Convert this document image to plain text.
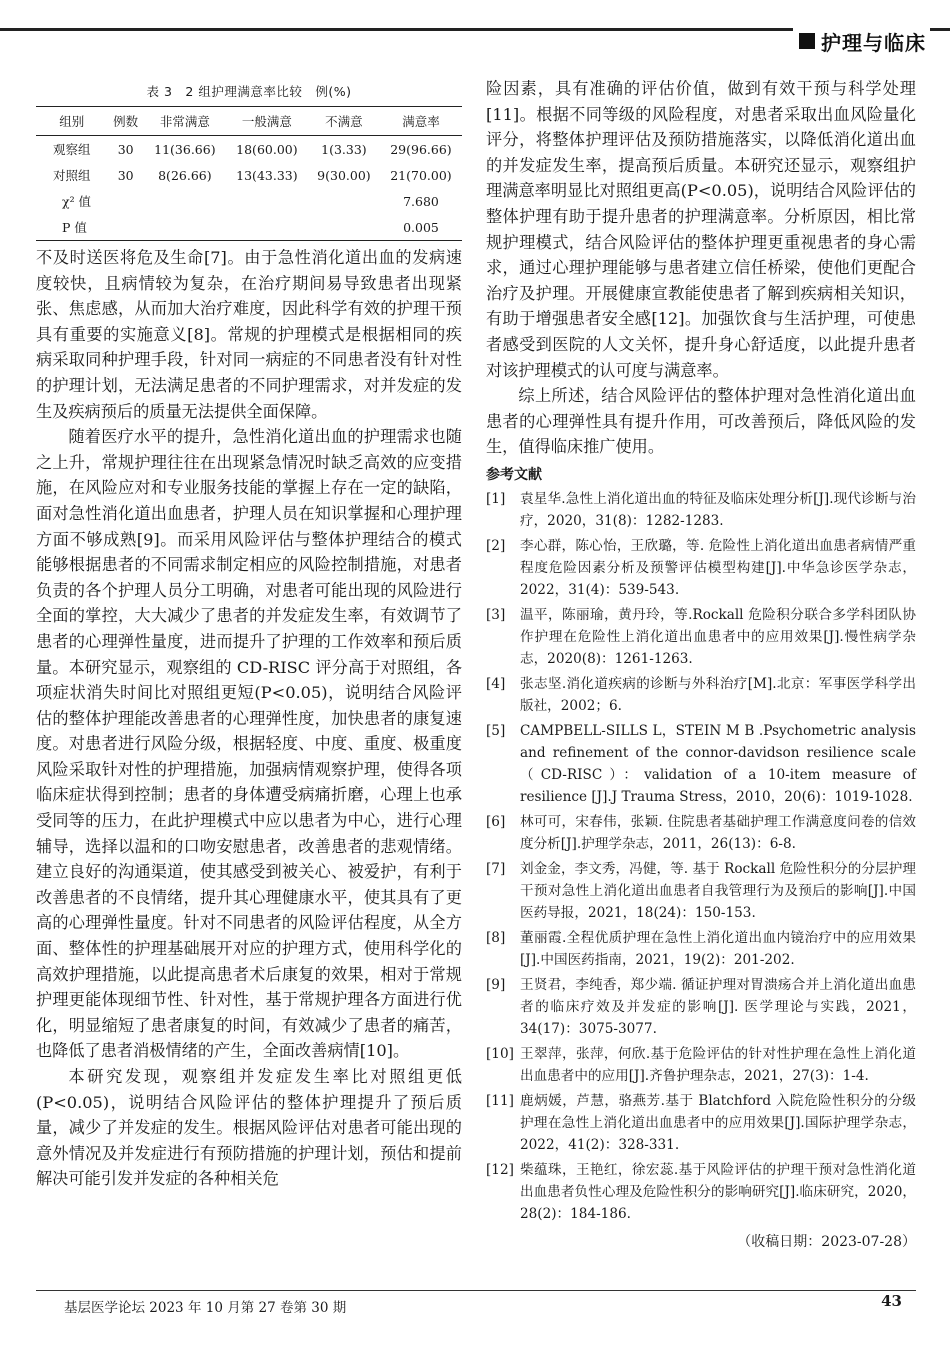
护理与临床
表 3　2 组护理满意率比较　例(%)
组别	例数	非常满意	一般满意	不满意	满意率
观察组	30	11(36.66)	18(60.00)	1(3.33)	29(96.66)
对照组	30	8(26.66)	13(43.33)	9(30.00)	21(70.00)
χ² 值					7.680
P 值					0.005

不及时送医将危及生命[7]。由于急性消化道出血的发病速度较快，且病情较为复杂，在治疗期间易导致患者出现紧张、焦虑感，从而加大治疗难度，因此科学有效的护理干预具有重要的实施意义[8]。常规的护理模式是根据相同的疾病采取同种护理手段，针对同一病症的不同患者没有针对性的护理计划，无法满足患者的不同护理需求，对并发症的发生及疾病预后的质量无法提供全面保障。

随着医疗水平的提升，急性消化道出血的护理需求也随之上升，常规护理往往在出现紧急情况时缺乏高效的应变措施，在风险应对和专业服务技能的掌握上存在一定的缺陷，面对急性消化道出血患者，护理人员在知识掌握和心理护理方面不够成熟[9]。而采用风险评估与整体护理结合的模式能够根据患者的不同需求制定相应的风险控制措施，对患者负责的各个护理人员分工明确，对患者可能出现的风险进行全面的掌控，大大减少了患者的并发症发生率，有效调节了患者的心理弹性量度，进而提升了护理的工作效率和预后质量。本研究显示，观察组的 CD-RISC 评分高于对照组，各项症状消失时间比对照组更短(P<0.05)，说明结合风险评估的整体护理能改善患者的心理弹性度，加快患者的康复速度。对患者进行风险分级，根据轻度、中度、重度、极重度风险采取针对性的护理措施，加强病情观察护理，使得各项临床症状得到控制；患者的身体遭受病痛折磨，心理上也承受同等的压力，在此护理模式中应以患者为中心，进行心理辅导，选择以温和的口吻安慰患者，改善患者的悲观情绪。建立良好的沟通渠道，使其感受到被关心、被爱护，有利于改善患者的不良情绪，提升其心理健康水平，使其具有了更高的心理弹性量度。针对不同患者的风险评估程度，从全方面、整体性的护理基础展开对应的护理方式，使用科学化的高效护理措施，以此提高患者术后康复的效果，相对于常规护理更能体现细节性、针对性，基于常规护理各方面进行优化，明显缩短了患者康复的时间，有效减少了患者的痛苦，也降低了患者消极情绪的产生，全面改善病情[10]。

本研究发现，观察组并发症发生率比对照组更低(P<0.05)，说明结合风险评估的整体护理提升了预后质量，减少了并发症的发生。根据风险评估对患者可能出现的意外情况及并发症进行有预防措施的护理计划，预估和提前解决可能引发并发症的各种相关危

险因素，具有准确的评估价值，做到有效干预与科学处理[11]。根据不同等级的风险程度，对患者采取出血风险量化评分，将整体护理评估及预防措施落实，以降低消化道出血的并发症发生率，提高预后质量。本研究还显示，观察组护理满意率明显比对照组更高(P<0.05)，说明结合风险评估的整体护理有助于提升患者的护理满意率。分析原因，相比常规护理模式，结合风险评估的整体护理更重视患者的身心需求，通过心理护理能够与患者建立信任桥梁，使他们更配合治疗及护理。开展健康宣教能使患者了解到疾病相关知识，有助于增强患者安全感[12]。加强饮食与生活护理，可使患者感受到医院的人文关怀，提升身心舒适度，以此提升患者对该护理模式的认可度与满意率。

综上所述，结合风险评估的整体护理对急性消化道出血患者的心理弹性具有提升作用，可改善预后，降低风险的发生，值得临床推广使用。

参考文献
[1]	袁星华.急性上消化道出血的特征及临床处理分析[J].现代诊断与治疗，2020，31(8)：1282-1283.
[2]	李心群，陈心怡，王欣璐，等. 危险性上消化道出血患者病情严重程度危险因素分析及预警评估模型构建[J].中华急诊医学杂志，2022，31(4)：539-543.
[3]	温平，陈丽瑜，黄丹玲，等.Rockall 危险积分联合多学科团队协作护理在危险性上消化道出血患者中的应用效果[J].慢性病学杂志，2020(8)：1261-1263.
[4]	张志坚.消化道疾病的诊断与外科治疗[M].北京：军事医学科学出版社，2002；6.
[5]	CAMPBELL-SILLS L，STEIN M B .Psychometric analysis and refinement of the connor-davidson resilience scale（CD-RISC）：validation of a 10-item measure of resilience [J].J Trauma Stress，2010，20(6)：1019-1028.
[6]	林可可，宋春伟，张颖. 住院患者基础护理工作满意度问卷的信效度分析[J].护理学杂志，2011，26(13)：6-8.
[7]	刘金金，李文秀，冯健，等. 基于 Rockall 危险性积分的分层护理干预对急性上消化道出血患者自我管理行为及预后的影响[J].中国医药导报，2021，18(24)：150-153.
[8]	董丽霞.全程优质护理在急性上消化道出血内镜治疗中的应用效果[J].中国医药指南，2021，19(2)：201-202.
[9]	王贤君，李纯香，郑少端. 循证护理对胃溃疡合并上消化道出血患者的临床疗效及并发症的影响[J]. 医学理论与实践，2021，34(17)：3075-3077.
[10] 王翠萍，张萍，何欣.基于危险评估的针对性护理在急性上消化道出血患者中的应用[J].齐鲁护理杂志，2021，27(3)：1-4.
[11] 鹿炳媛，芦慧，骆燕芳.基于 Blatchford 入院危险性积分的分级护理在急性上消化道出血患者中的应用效果[J].国际护理学杂志，2022，41(2)：328-331.
[12] 柴蕴珠，王艳红，徐宏蕊.基于风险评估的护理干预对急性消化道出血患者负性心理及危险性积分的影响研究[J].临床研究，2020，28(2)：184-186.
（收稿日期：2023-07-28）
基层医学论坛 2023 年 10 月第 27 卷第 30 期	43
